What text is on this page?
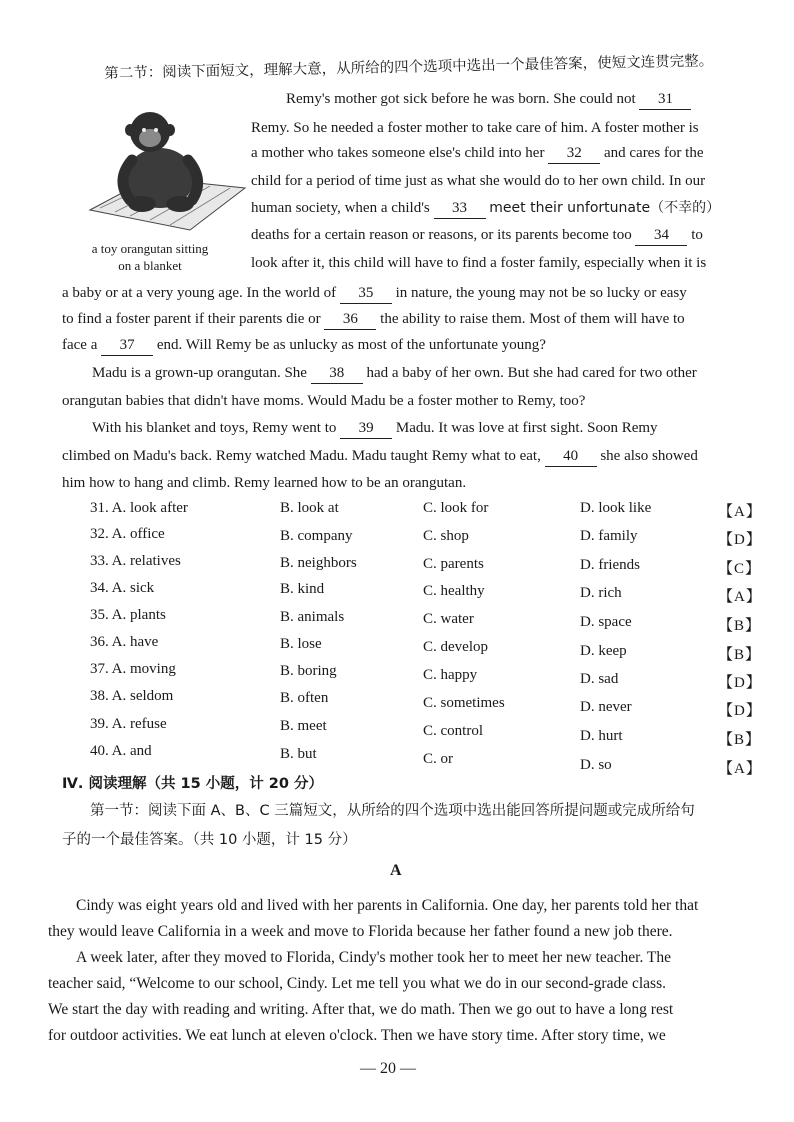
第二节：阅读下面短文，理解大意，从所给的四个选项中选出一个最佳答案，使短文连贯完整。
a toy orangutan sitting
on a blanket
Remy's mother got sick before he was born. She could not 31
Remy. So he needed a foster mother to take care of him. A foster mother is
a mother who takes someone else's child into her 32 and cares for the
child for a period of time just as what she would do to her own child. In our
human society, when a child's 33 meet their unfortunate（不幸的）
deaths for a certain reason or reasons, or its parents become too 34 to
look after it, this child will have to find a foster family, especially when it is
a baby or at a very young age. In the world of 35 in nature, the young may not be so lucky or easy
to find a foster parent if their parents die or 36 the ability to raise them. Most of them will have to
face a 37 end. Will Remy be as unlucky as most of the unfortunate young?
Madu is a grown-up orangutan. She 38 had a baby of her own. But she had cared for two other
orangutan babies that didn't have moms. Would Madu be a foster mother to Remy, too?
With his blanket and toys, Remy went to 39 Madu. It was love at first sight. Soon Remy
climbed on Madu's back. Remy watched Madu. Madu taught Remy what to eat, 40 she also showed
him how to hang and climb. Remy learned how to be an orangutan.
31. A. look after	B. look at	C. look for	D. look like	【A】
32. A. office	B. company	C. shop	D. family	【D】
33. A. relatives	B. neighbors	C. parents	D. friends	【C】
34. A. sick	B. kind	C. healthy	D. rich	【A】
35. A. plants	B. animals	C. water	D. space	【B】
36. A. have	B. lose	C. develop	D. keep	【B】
37. A. moving	B. boring	C. happy	D. sad	【D】
38. A. seldom	B. often	C. sometimes	D. never	【D】
39. A. refuse	B. meet	C. control	D. hurt	【B】
40. A. and	B. but	C. or	D. so	【A】
Ⅳ. 阅读理解（共 15 小题，计 20 分）
第一节：阅读下面 A、B、C 三篇短文，从所给的四个选项中选出能回答所提问题或完成所给句
子的一个最佳答案。（共 10 小题，计 15 分）
A
Cindy was eight years old and lived with her parents in California. One day, her parents told her that
they would leave California in a week and move to Florida because her father found a new job there.
A week later, after they moved to Florida, Cindy's mother took her to meet her new teacher. The
teacher said, “Welcome to our school, Cindy. Let me tell you what we do in our second-grade class.
We start the day with reading and writing. After that, we do math. Then we go out to have a long rest
for outdoor activities. We eat lunch at eleven o'clock. Then we have story time. After story time, we
— 20 —
